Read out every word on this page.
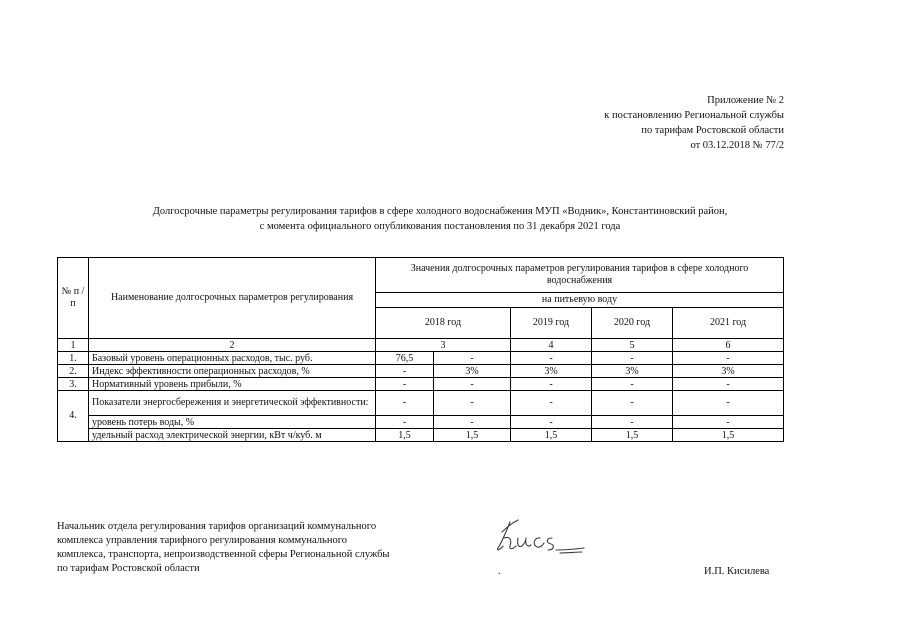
Приложение № 2
к постановлению Региональной службы
по тарифам Ростовской области
от 03.12.2018 № 77/2
Долгосрочные параметры регулирования тарифов в сфере холодного водоснабжения МУП «Водник», Константиновский район,
с момента официального опубликования постановления по 31 декабря 2021 года
№ п /п	Наименование долгосрочных параметров регулирования	Значения долгосрочных параметров регулирования тарифов в сфере холодного водоснабжения				
		на питьевую воду				
		2018 год		2019 год	2020 год	2021 год
1	2	3		4	5	6
1.	Базовый уровень операционных расходов, тыс. руб.	76,5	-	-	-	-
2.	Индекс эффективности операционных расходов, %	-	3%	3%	3%	3%
3.	Нормативный уровень прибыли, %	-	-	-	-	-
4.	Показатели энергосбережения и энергетической эффективности:	-	-	-	-	-
	уровень потерь воды, %	-	-	-	-	-
	удельный расход электрической энергии, кВт ч/куб. м	1,5	1,5	1,5	1,5	1,5
Начальник отдела регулирования тарифов организаций коммунального
комплекса управления тарифного регулирования коммунального
комплекса, транспорта, непроизводственной сферы Региональной службы
по тарифам Ростовской области	.	И.П. Кисилева
